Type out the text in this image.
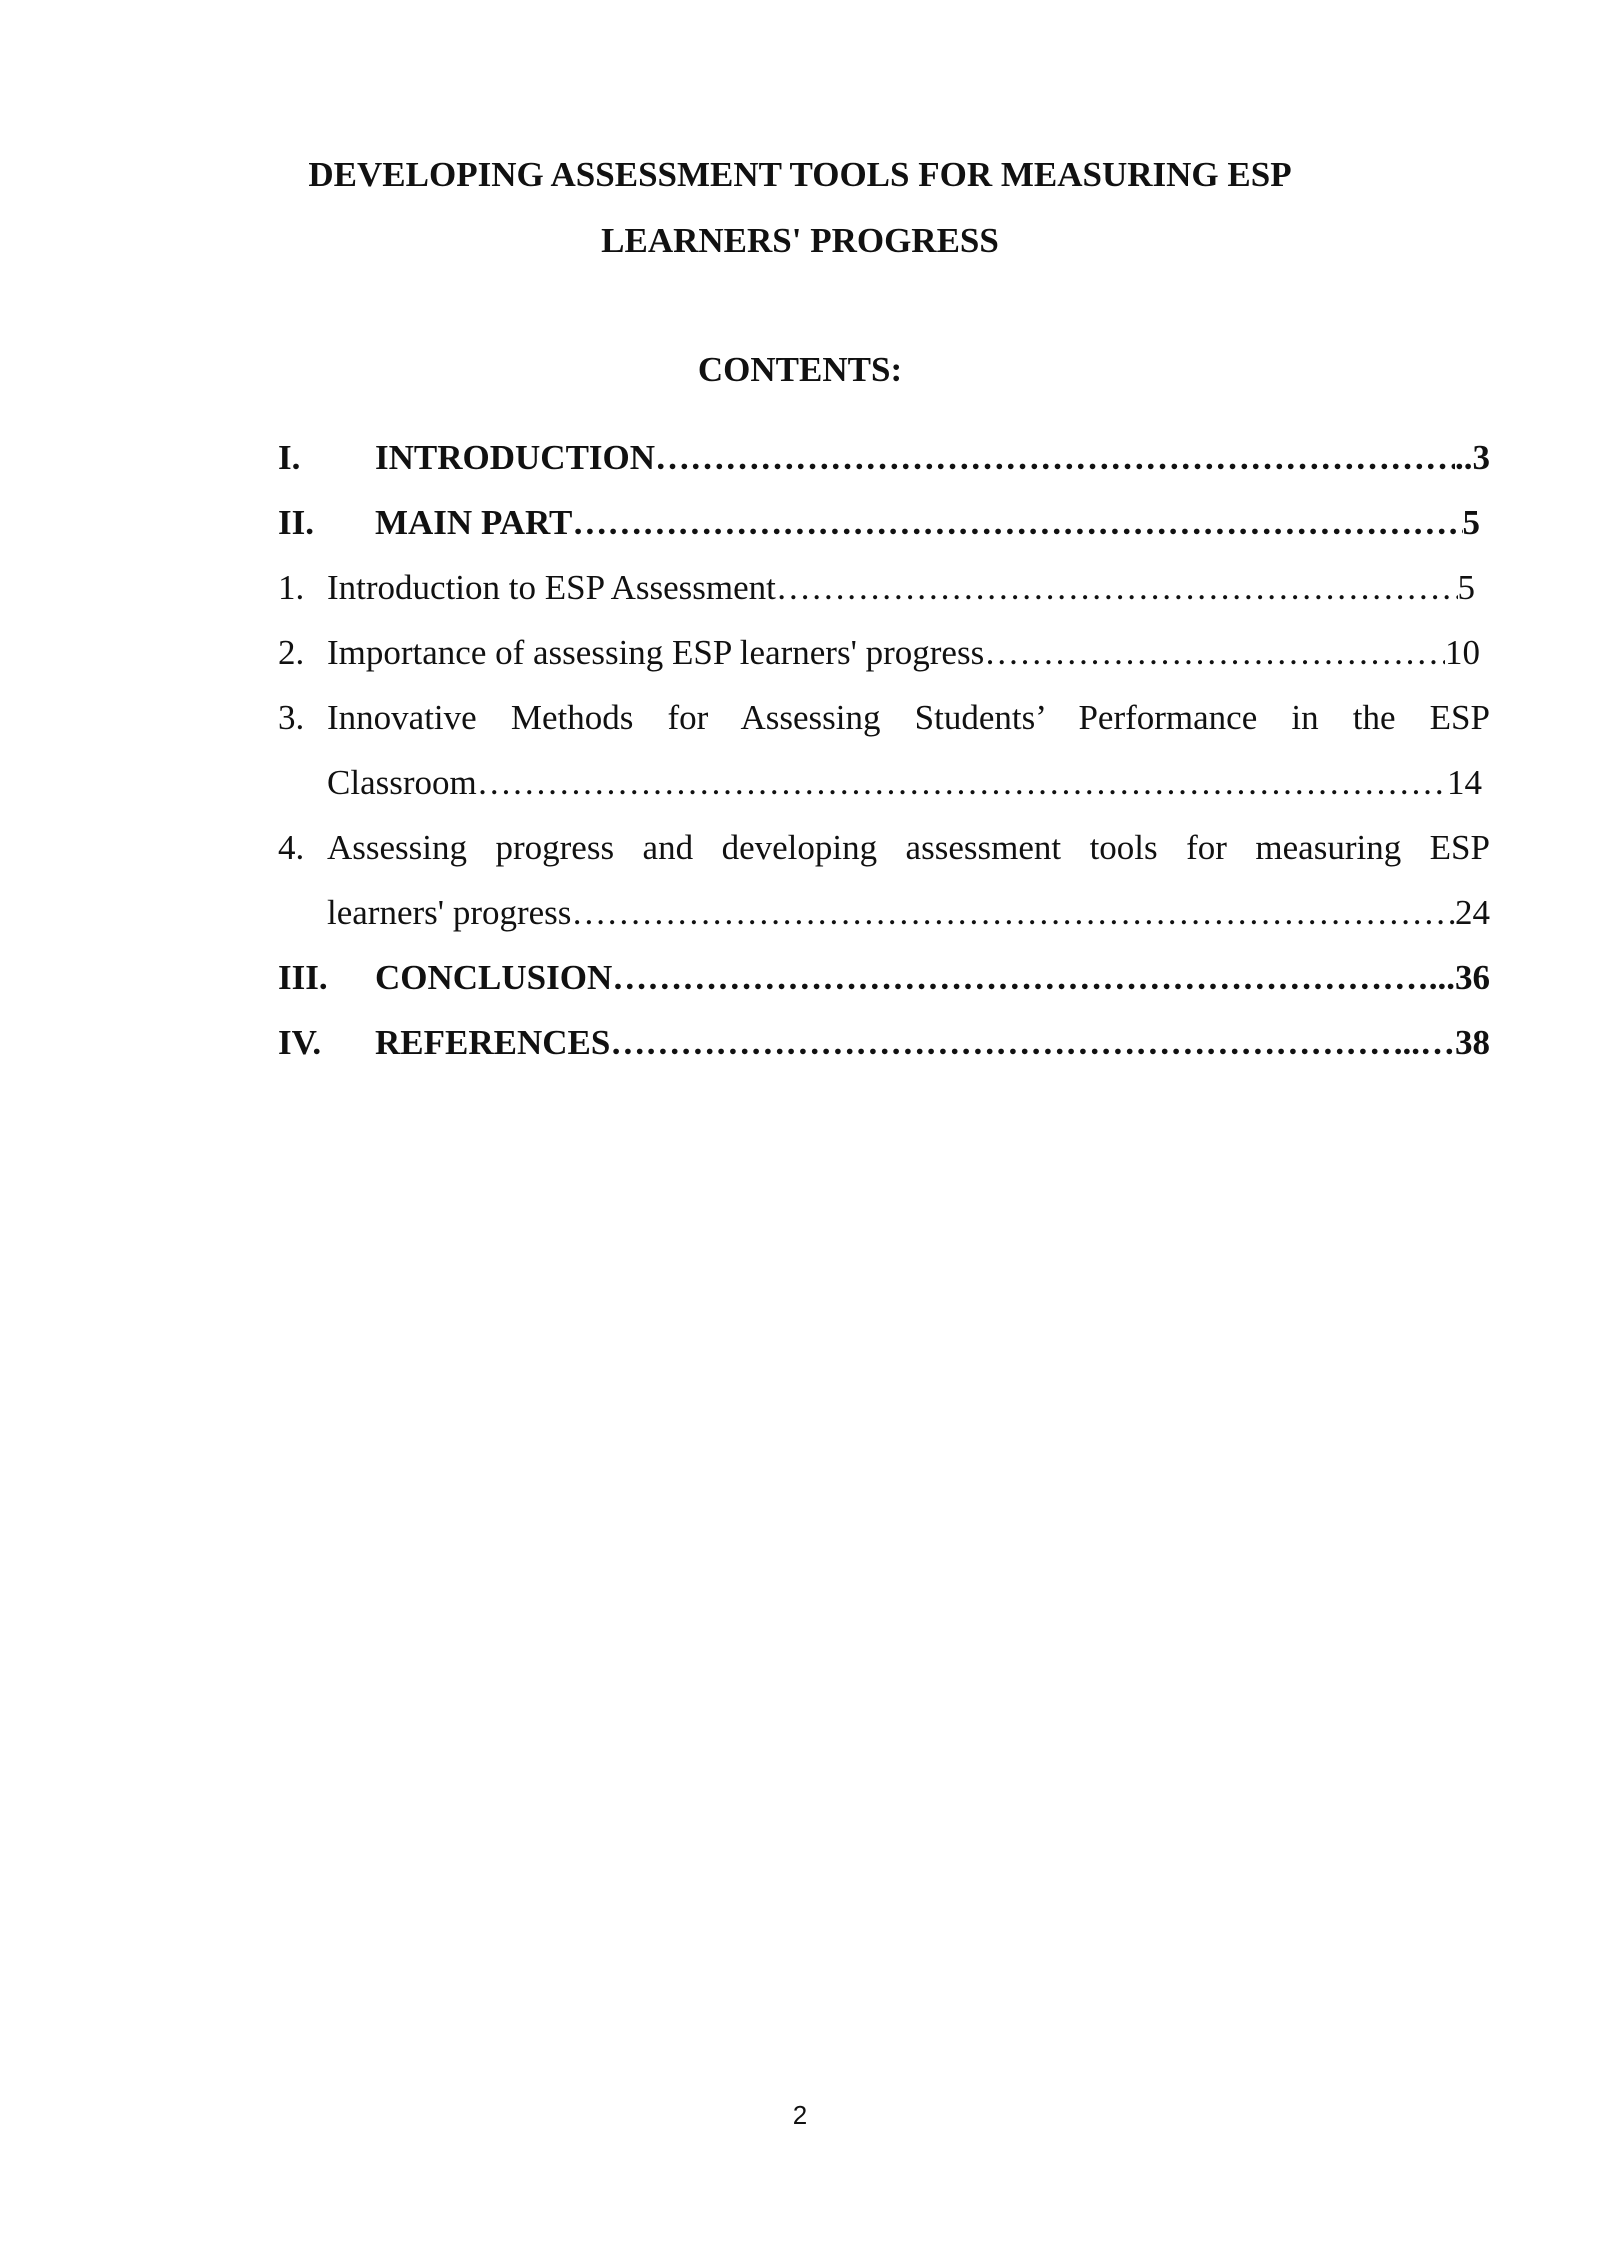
DEVELOPING ASSESSMENT TOOLS FOR MEASURING ESP
LEARNERS' PROGRESS
CONTENTS:
I.	INTRODUCTION ……………………………………………………………………………………………………………………………………………………………………	..3
II.	MAIN PART ……………………………………………………………………………………………………………………………………………………………………	5
1. Introduction to ESP Assessment ……………………………………………………………………………………………………………………………………………………………………	5
2. Importance of assessing ESP learners' progress ……………………………………………………………………………………………………………………………………………………………………	10
3. Innovative Methods for Assessing Students’ Performance in the ESP
Classroom ……………………………………………………………………………………………………………………………………………………………………	14
4. Assessing progress and developing assessment tools for measuring ESP
learners' progress ……………………………………………………………………………………………………………………………………………………………………	24
III.	CONCLUSION ……………………………………………………………………………………………………………………………………………………………………	...36
IV.	REFERENCES ……………………………………………………………………………………………………………………………………………………………………	...…38

2
